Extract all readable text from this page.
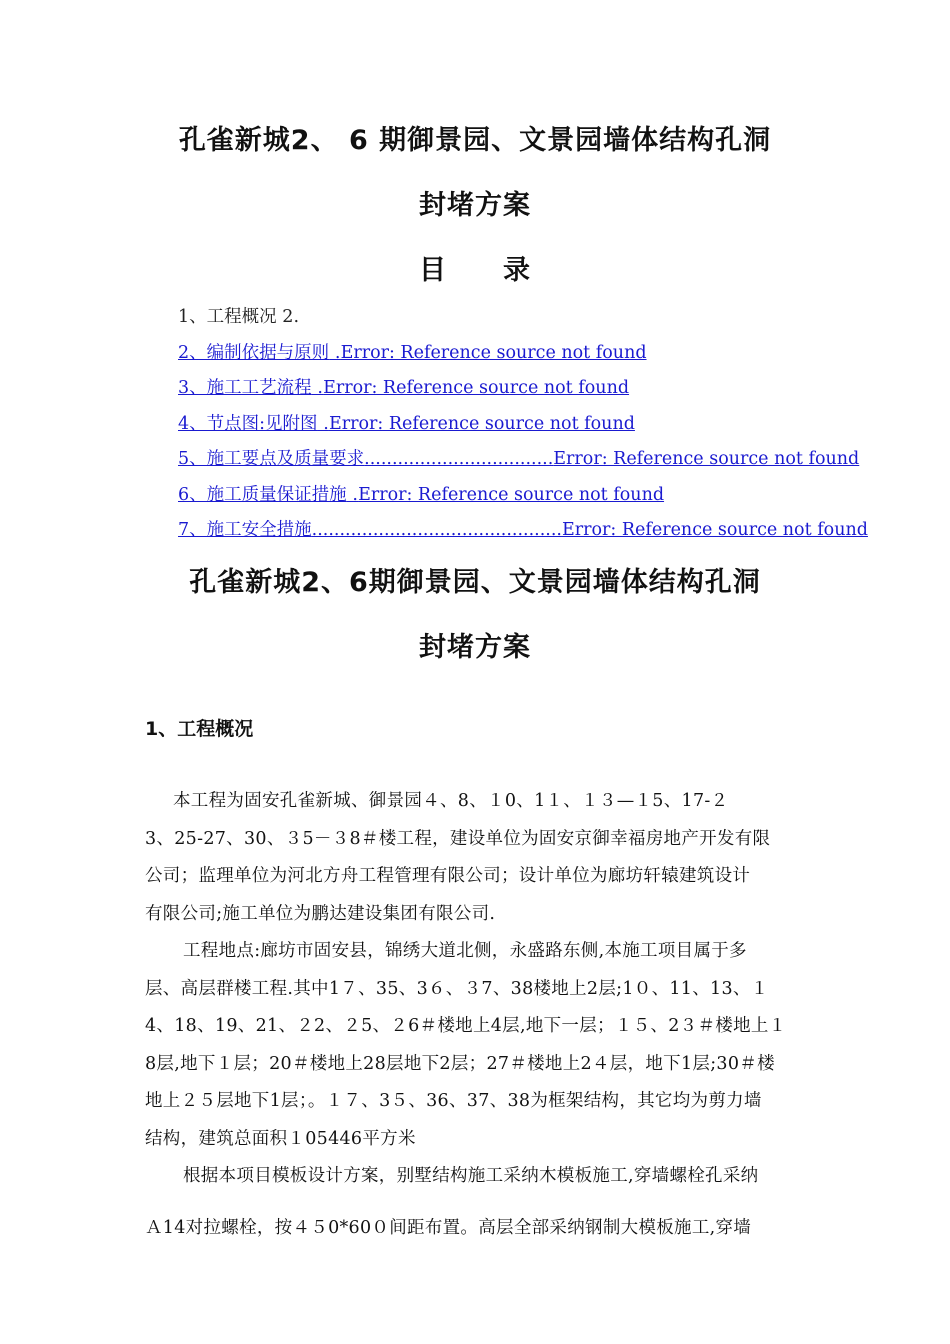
孔雀新城2、 6 期御景园、文景园墙体结构孔洞
封堵方案
目　　录
1、工程概况 2․
2、编制依据与原则 ․Error: Reference source not found
3、施工工艺流程 ․Error: Reference source not found
4、节点图:见附图 ․Error: Reference source not found
5、施工要点及质量要求..................................Error: Reference source not found
6、施工质量保证措施 ․Error: Reference source not found
7、施工安全措施.............................................Error: Reference source not found
孔雀新城2、6期御景园、文景园墙体结构孔洞
封堵方案
1、工程概况
本工程为固安孔雀新城、御景园４、8、１0、1１、１３—１5、17-２
3、25-27、30、３5－３8＃楼工程，建设单位为固安京御幸福房地产开发有限
公司；监理单位为河北方舟工程管理有限公司；设计单位为廊坊轩辕建筑设计
有限公司;施工单位为鹏达建设集团有限公司.
工程地点:廊坊市固安县，锦绣大道北侧，永盛路东侧,本施工项目属于多
层、高层群楼工程.其中1７、35、3６、３7、38楼地上2层;1０、11、13、１
4、18、19、21、２2、２5、２6＃楼地上4层,地下一层；１５、2３＃楼地上１
8层,地下１层；20＃楼地上28层地下2层；27＃楼地上2４层，地下1层;30＃楼
地上２５层地下1层；。１７、3５、36、37、38为框架结构，其它均为剪力墙
结构，建筑总面积１05446平方米
根据本项目模板设计方案，别墅结构施工采纳木模板施工,穿墙螺栓孔采纳
Ａ14对拉螺栓，按４５0*60０间距布置。高层全部采纳钢制大模板施工,穿墙
